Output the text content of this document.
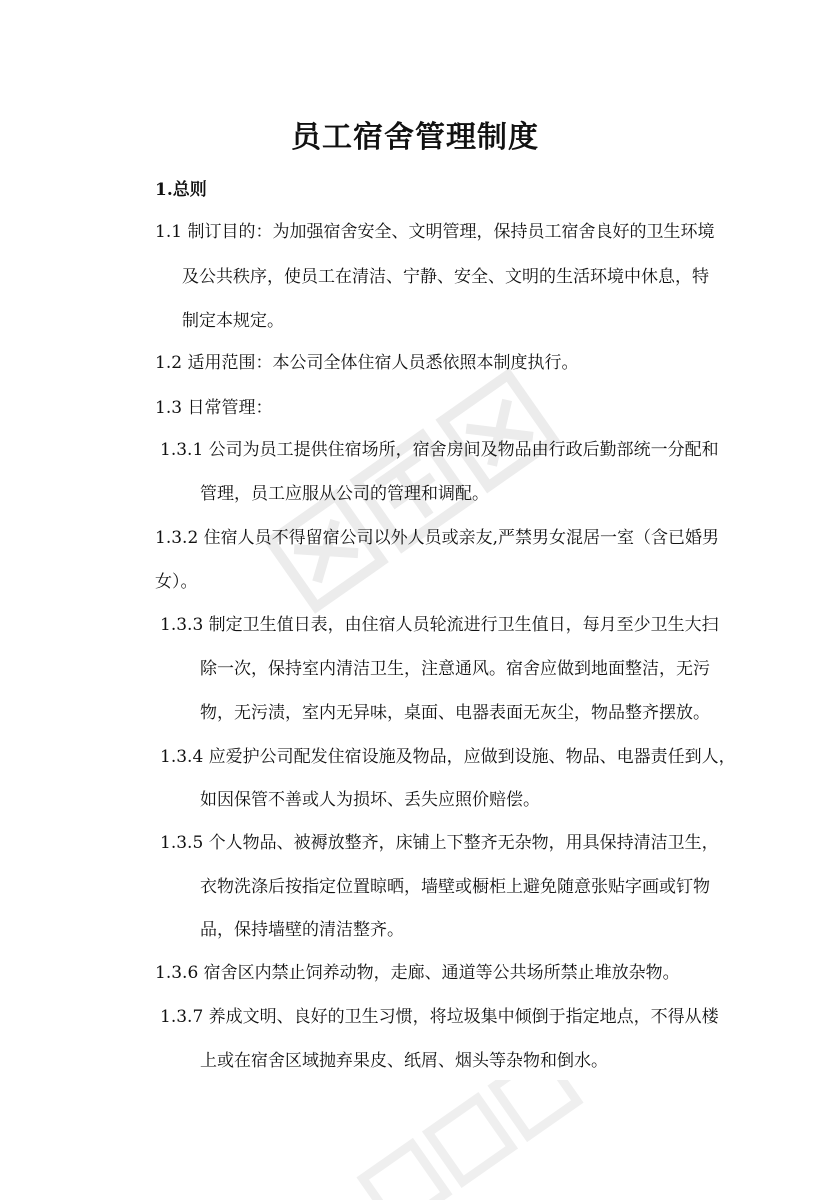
员工宿舍管理制度
1.总则
1.1 制订目的：为加强宿舍安全、文明管理，保持员工宿舍良好的卫生环境
及公共秩序，使员工在清洁、宁静、安全、文明的生活环境中休息，特
制定本规定。
1.2 适用范围：本公司全体住宿人员悉依照本制度执行。
1.3 日常管理：
1.3.1 公司为员工提供住宿场所，宿舍房间及物品由行政后勤部统一分配和
管理，员工应服从公司的管理和调配。
1.3.2 住宿人员不得留宿公司以外人员或亲友,严禁男女混居一室（含已婚男
女）。
1.3.3 制定卫生值日表，由住宿人员轮流进行卫生值日，每月至少卫生大扫
除一次，保持室内清洁卫生，注意通风。宿舍应做到地面整洁，无污
物，无污渍，室内无异味，桌面、电器表面无灰尘，物品整齐摆放。
1.3.4 应爱护公司配发住宿设施及物品，应做到设施、物品、电器责任到人，
如因保管不善或人为损坏、丢失应照价赔偿。
1.3.5 个人物品、被褥放整齐，床铺上下整齐无杂物，用具保持清洁卫生，
衣物洗涤后按指定位置晾晒，墙壁或橱柜上避免随意张贴字画或钉物
品，保持墙壁的清洁整齐。
1.3.6 宿舍区内禁止饲养动物，走廊、通道等公共场所禁止堆放杂物。
1.3.7 养成文明、良好的卫生习惯，将垃圾集中倾倒于指定地点，不得从楼
上或在宿舍区域抛弃果皮、纸屑、烟头等杂物和倒水。
